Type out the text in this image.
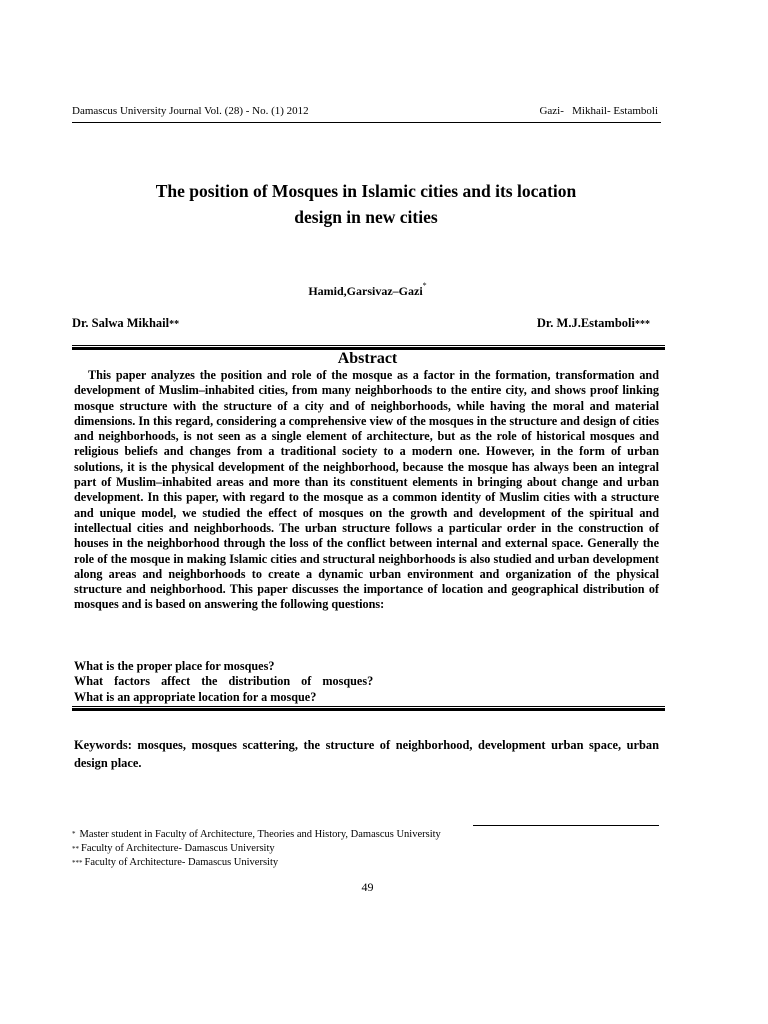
Damascus University Journal Vol. (28) - No. (1) 2012	Gazi-   Mikhail- Estamboli
The position of Mosques in Islamic cities and its location
design in new cities
Hamid,Garsivaz–Gazi*
Dr. Salwa Mikhail**	Dr. M.J.Estamboli***
Abstract
This paper analyzes the position and role of the mosque as a factor in the formation, transformation and development of Muslim–inhabited cities, from many neighborhoods to the entire city, and shows proof linking mosque structure with the structure of a city and of neighborhoods, while having the moral and material dimensions. In this regard, considering a comprehensive view of the mosques in the structure and design of cities and neighborhoods, is not seen as a single element of architecture, but as the role of historical mosques and religious beliefs and changes from a traditional society to a modern one. However, in the form of urban solutions, it is the physical development of the neighborhood, because the mosque has always been an integral part of Muslim–inhabited areas and more than its constituent elements in bringing about change and urban development. In this paper, with regard to the mosque as a common identity of Muslim cities with a structure and unique model, we studied the effect of mosques on the growth and development of the spiritual and intellectual cities and neighborhoods. The urban structure follows a particular order in the construction of houses in the neighborhood through the loss of the conflict between internal and external space. Generally the role of the mosque in making Islamic cities and structural neighborhoods is also studied and urban development along areas and neighborhoods to create a dynamic urban environment and organization of the physical structure and neighborhood. This paper discusses the importance of location and geographical distribution of mosques and is based on answering the following questions:
What is the proper place for mosques?
What factors affect the distribution of mosques?
What is an appropriate location for a mosque?
Keywords: mosques, mosques scattering, the structure of neighborhood, development urban space, urban design place.
* Master student in Faculty of Architecture, Theories and History, Damascus University
** Faculty of Architecture- Damascus University
*** Faculty of Architecture- Damascus University
49
